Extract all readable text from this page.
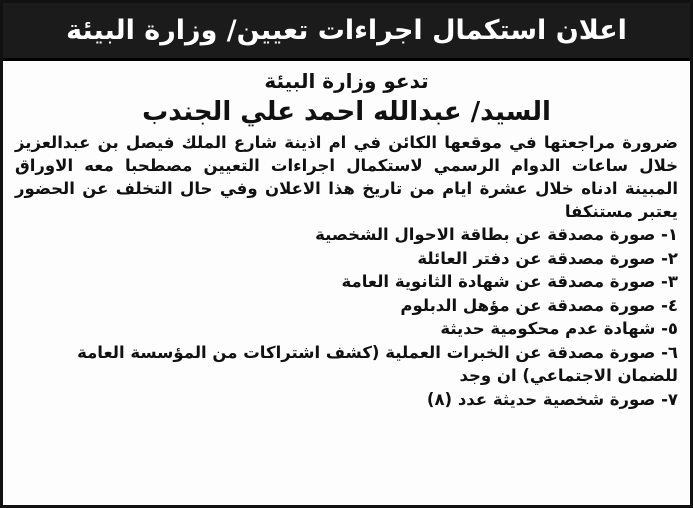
اعلان استكمال اجراءات تعيين/ وزارة البيئة

تدعو وزارة البيئة

السيد/ عبدالله احمد علي الجندب

ضرورة مراجعتها في موقعها الكائن في ام اذينة شارع الملك فيصل بن عبدالعزيز خلال ساعات الدوام الرسمي لاستكمال اجراءات التعيين مصطحبا معه الاوراق المبينة ادناه خلال عشرة ايام من تاريخ هذا الاعلان وفي حال التخلف عن الحضور يعتبر مستنكفا

١- صورة مصدقة عن بطاقة الاحوال الشخصية
٢- صورة مصدقة عن دفتر العائلة
٣- صورة مصدقة عن شهادة الثانوية العامة
٤- صورة مصدقة عن مؤهل الدبلوم
٥- شهادة عدم محكومية حديثة
٦- صورة مصدقة عن الخبرات العملية (كشف اشتراكات من المؤسسة العامة للضمان الاجتماعي) ان وجد
٧- صورة شخصية حديثة عدد (٨)
